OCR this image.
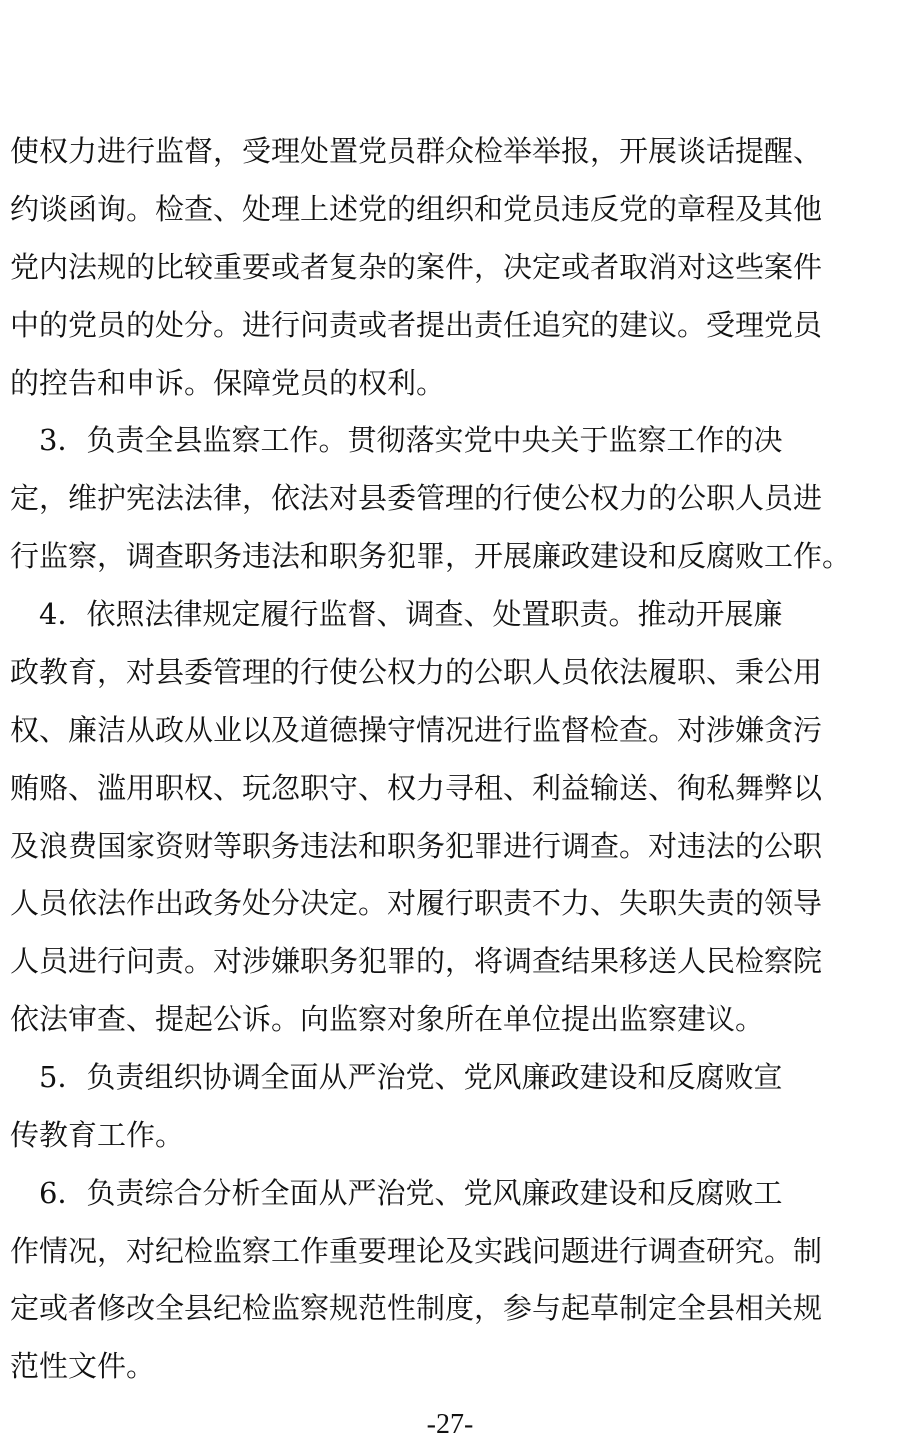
使权力进行监督，受理处置党员群众检举举报，开展谈话提醒、
约谈函询。检查、处理上述党的组织和党员违反党的章程及其他
党内法规的比较重要或者复杂的案件，决定或者取消对这些案件
中的党员的处分。进行问责或者提出责任追究的建议。受理党员
的控告和申诉。保障党员的权利。
　3．负责全县监察工作。贯彻落实党中央关于监察工作的决
定，维护宪法法律，依法对县委管理的行使公权力的公职人员进
行监察，调查职务违法和职务犯罪，开展廉政建设和反腐败工作。
　4．依照法律规定履行监督、调查、处置职责。推动开展廉
政教育，对县委管理的行使公权力的公职人员依法履职、秉公用
权、廉洁从政从业以及道德操守情况进行监督检查。对涉嫌贪污
贿赂、滥用职权、玩忽职守、权力寻租、利益输送、徇私舞弊以
及浪费国家资财等职务违法和职务犯罪进行调查。对违法的公职
人员依法作出政务处分决定。对履行职责不力、失职失责的领导
人员进行问责。对涉嫌职务犯罪的，将调查结果移送人民检察院
依法审查、提起公诉。向监察对象所在单位提出监察建议。
　5．负责组织协调全面从严治党、党风廉政建设和反腐败宣
传教育工作。
　6．负责综合分析全面从严治党、党风廉政建设和反腐败工
作情况，对纪检监察工作重要理论及实践问题进行调查研究。制
定或者修改全县纪检监察规范性制度，参与起草制定全县相关规
范性文件。
-27-
